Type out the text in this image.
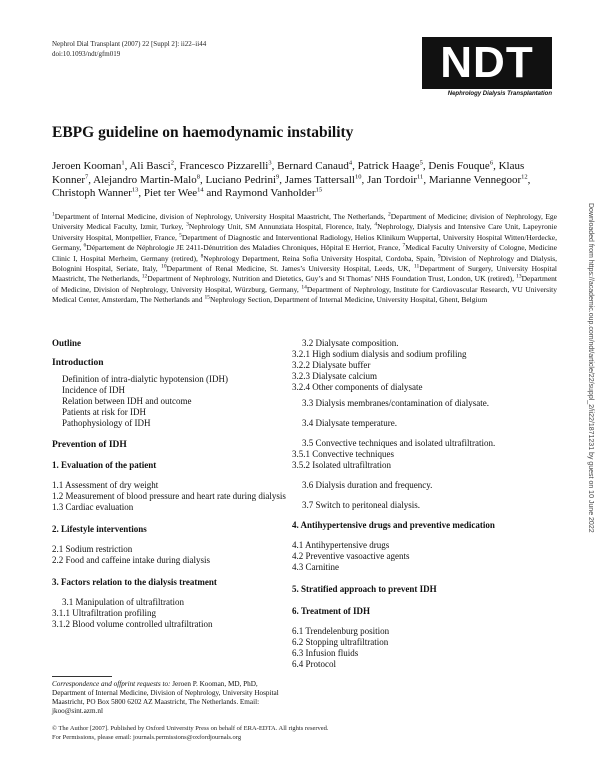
Nephrol Dial Transplant (2007) 22 [Suppl 2]: ii22–ii44
doi:10.1093/ndt/gfm019	NDT
Nephrology Dialysis Transplantation
EBPG guideline on haemodynamic instability
Jeroen Kooman$^1$, Ali Basci$^2$, Francesco Pizzarelli$^3$, Bernard Canaud$^4$, Patrick Haage$^5$, Denis Fouque$^6$, Klaus Konner$^7$, Alejandro Martin-Malo$^8$, Luciano Pedrini$^9$, James Tattersall$^{10}$, Jan Tordoir$^{11}$, Marianne Vennegoor$^{12}$, Christoph Wanner$^{13}$, Piet ter Wee$^{14}$ and Raymond Vanholder$^{15}$
$^1$Department of Internal Medicine, division of Nephrology, University Hospital Maastricht, The Netherlands, $^2$Department of Medicine; division of Nephrology, Ege University Medical Faculty, Izmir, Turkey, $^3$Nephrology Unit, SM Annunziata Hospital, Florence, Italy, $^4$Nephrology, Dialysis and Intensive Care Unit, Lapeyronie University Hospital, Montpellier, France, $^5$Department of Diagnostic and Interventional Radiology, Helios Klinikum Wuppertal, University Hospital Witten/Herdecke, Germany, $^6$Département de Néphrologie JE 2411-Dénutrition des Maladies Chroniques, Hôpital E Herriot, France, $^7$Medical Faculty University of Cologne, Medicine Clinic I, Hospital Merheim, Germany (retired), $^8$Nephrology Department, Reina Sofia University Hospital, Cordoba, Spain, $^9$Division of Nephrology and Dialysis, Bolognini Hospital, Seriate, Italy, $^{10}$Department of Renal Medicine, St. James’s University Hospital, Leeds, UK, $^{11}$Department of Surgery, University Hospital Maastricht, The Netherlands, $^{12}$Department of Nephrology, Nutrition and Dietetics, Guy’s and St Thomas’ NHS Foundation Trust, London, UK (retired), $^{13}$Department of Medicine, Division of Nephrology, University Hospital, Würzburg, Germany, $^{14}$Department of Nephrology, Institute for Cardiovascular Research, VU University Medical Center, Amsterdam, The Netherlands and $^{15}$Nephrology Section, Department of Internal Medicine, University Hospital, Ghent, Belgium
Outline
Introduction
Definition of intra-dialytic hypotension (IDH)
Incidence of IDH
Relation between IDH and outcome
Patients at risk for IDH
Pathophysiology of IDH
Prevention of IDH
1. Evaluation of the patient
1.1 Assessment of dry weight
1.2 Measurement of blood pressure and heart rate during dialysis
1.3 Cardiac evaluation
2. Lifestyle interventions
2.1 Sodium restriction
2.2 Food and caffeine intake during dialysis
3. Factors relation to the dialysis treatment
3.1 Manipulation of ultrafiltration
3.1.1 Ultrafiltration profiling
3.1.2 Blood volume controlled ultrafiltration
3.2 Dialysate composition.
3.2.1 High sodium dialysis and sodium profiling
3.2.2 Dialysate buffer
3.2.3 Dialysate calcium
3.2.4 Other components of dialysate
3.3 Dialysis membranes/contamination of dialysate.
3.4 Dialysate temperature.
3.5 Convective techniques and isolated ultrafiltration.
3.5.1 Convective techniques
3.5.2 Isolated ultrafiltration
3.6 Dialysis duration and frequency.
3.7 Switch to peritoneal dialysis.
4. Antihypertensive drugs and preventive medication
4.1 Antihypertensive drugs
4.2 Preventive vasoactive agents
4.3 Carnitine
5. Stratified approach to prevent IDH
6. Treatment of IDH
6.1 Trendelenburg position
6.2 Stopping ultrafiltration
6.3 Infusion fluids
6.4 Protocol
Correspondence and offprint requests to: Jeroen P. Kooman, MD, PhD, Department of Internal Medicine, Division of Nephrology, University Hospital Maastricht, PO Box 5800 6202 AZ Maastricht, The Netherlands. Email: jkoo@sint.azm.nl
© The Author [2007]. Published by Oxford University Press on behalf of ERA-EDTA. All rights reserved.
For Permissions, please email: journals.permissions@oxfordjournals.org
Downloaded from https://academic.oup.com/ndt/article/22/suppl_2/ii22/1871231 by guest on 10 June 2022
